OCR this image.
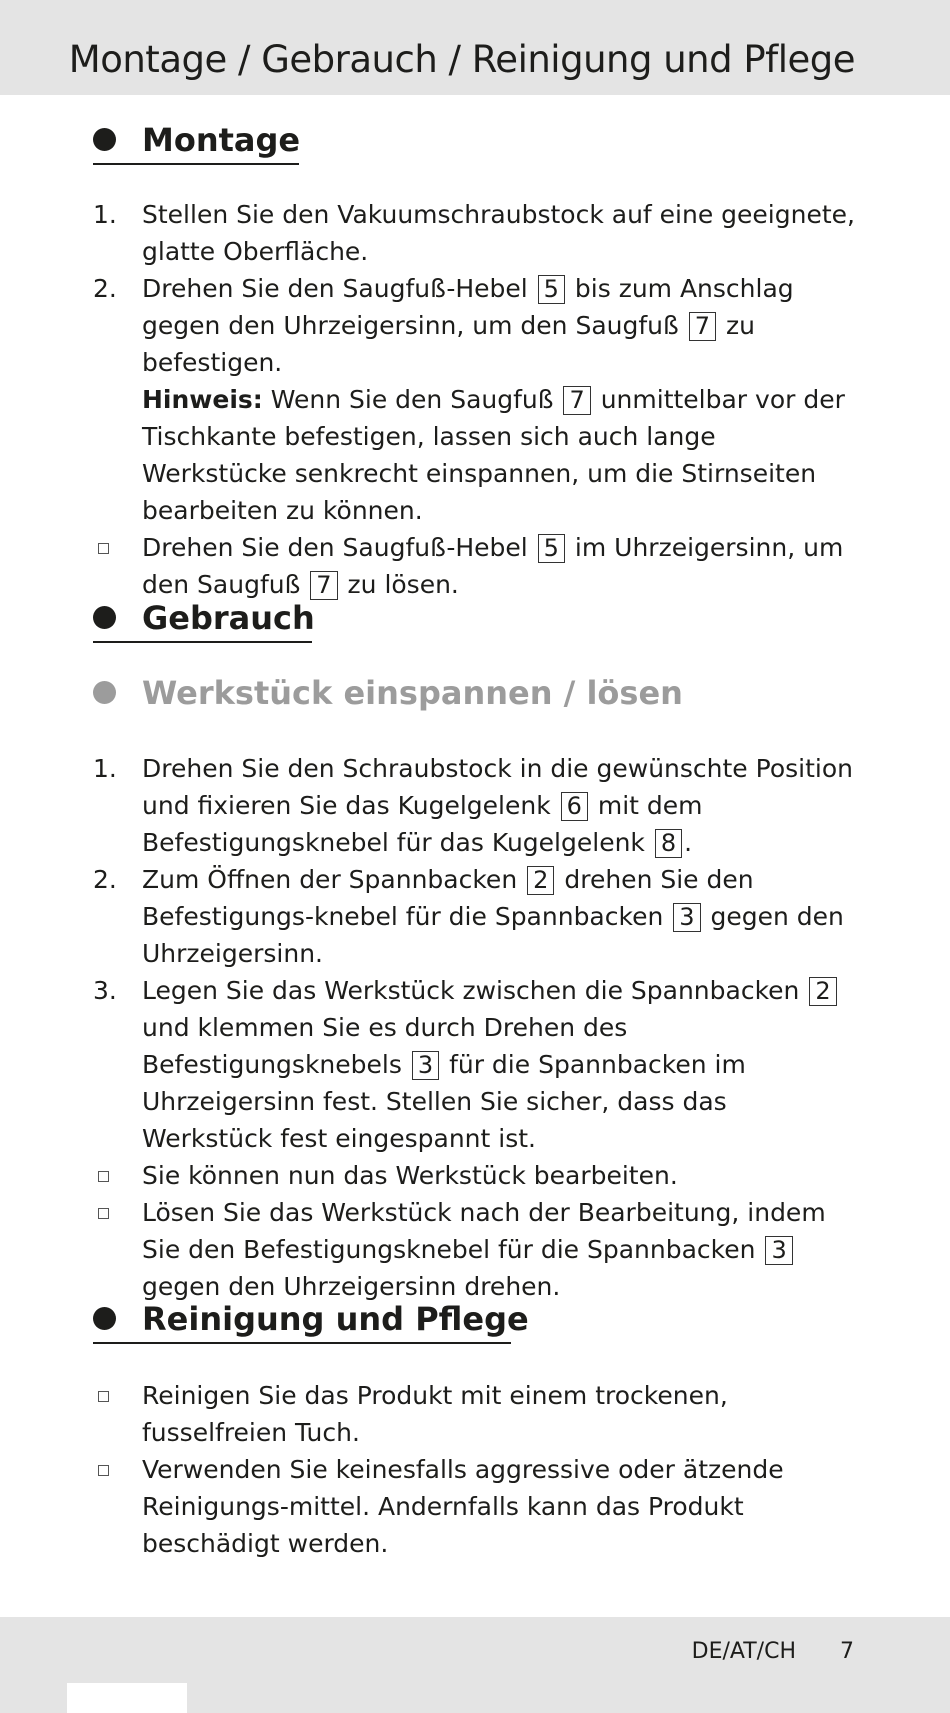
Montage / Gebrauch / Reinigung und Pflege
Montage
1.	Stellen Sie den Vakuumschraubstock auf eine geeignete, glatte Oberfläche.
2.	Drehen Sie den Saugfuß-Hebel 5 bis zum Anschlag gegen den Uhrzeigersinn, um den Saugfuß 7 zu befestigen.
Hinweis: Wenn Sie den Saugfuß 7 unmittelbar vor der Tischkante befestigen, lassen sich auch lange Werkstücke senkrecht einspannen, um die Stirnseiten bearbeiten zu können.
Drehen Sie den Saugfuß-Hebel 5 im Uhrzeigersinn, um den Saugfuß 7 zu lösen.
Gebrauch
Werkstück einspannen / lösen
1.	Drehen Sie den Schraubstock in die gewünschte Position und fixieren Sie das Kugelgelenk 6 mit dem Befestigungsknebel für das Kugelgelenk 8 .
2.	Zum Öffnen der Spannbacken 2 drehen Sie den Befestigungs-knebel für die Spannbacken 3 gegen den Uhrzeigersinn.
3.	Legen Sie das Werkstück zwischen die Spannbacken 2 und klemmen Sie es durch Drehen des Befestigungsknebels 3 für die Spannbacken im Uhrzeigersinn fest. Stellen Sie sicher, dass das Werkstück fest eingespannt ist.
Sie können nun das Werkstück bearbeiten.
Lösen Sie das Werkstück nach der Bearbeitung, indem Sie den Befestigungsknebel für die Spannbacken 3 gegen den Uhrzeigersinn drehen.
Reinigung und Pflege
Reinigen Sie das Produkt mit einem trockenen, fusselfreien Tuch.
Verwenden Sie keinesfalls aggressive oder ätzende Reinigungs-mittel. Andernfalls kann das Produkt beschädigt werden.
DE/AT/CH 7
